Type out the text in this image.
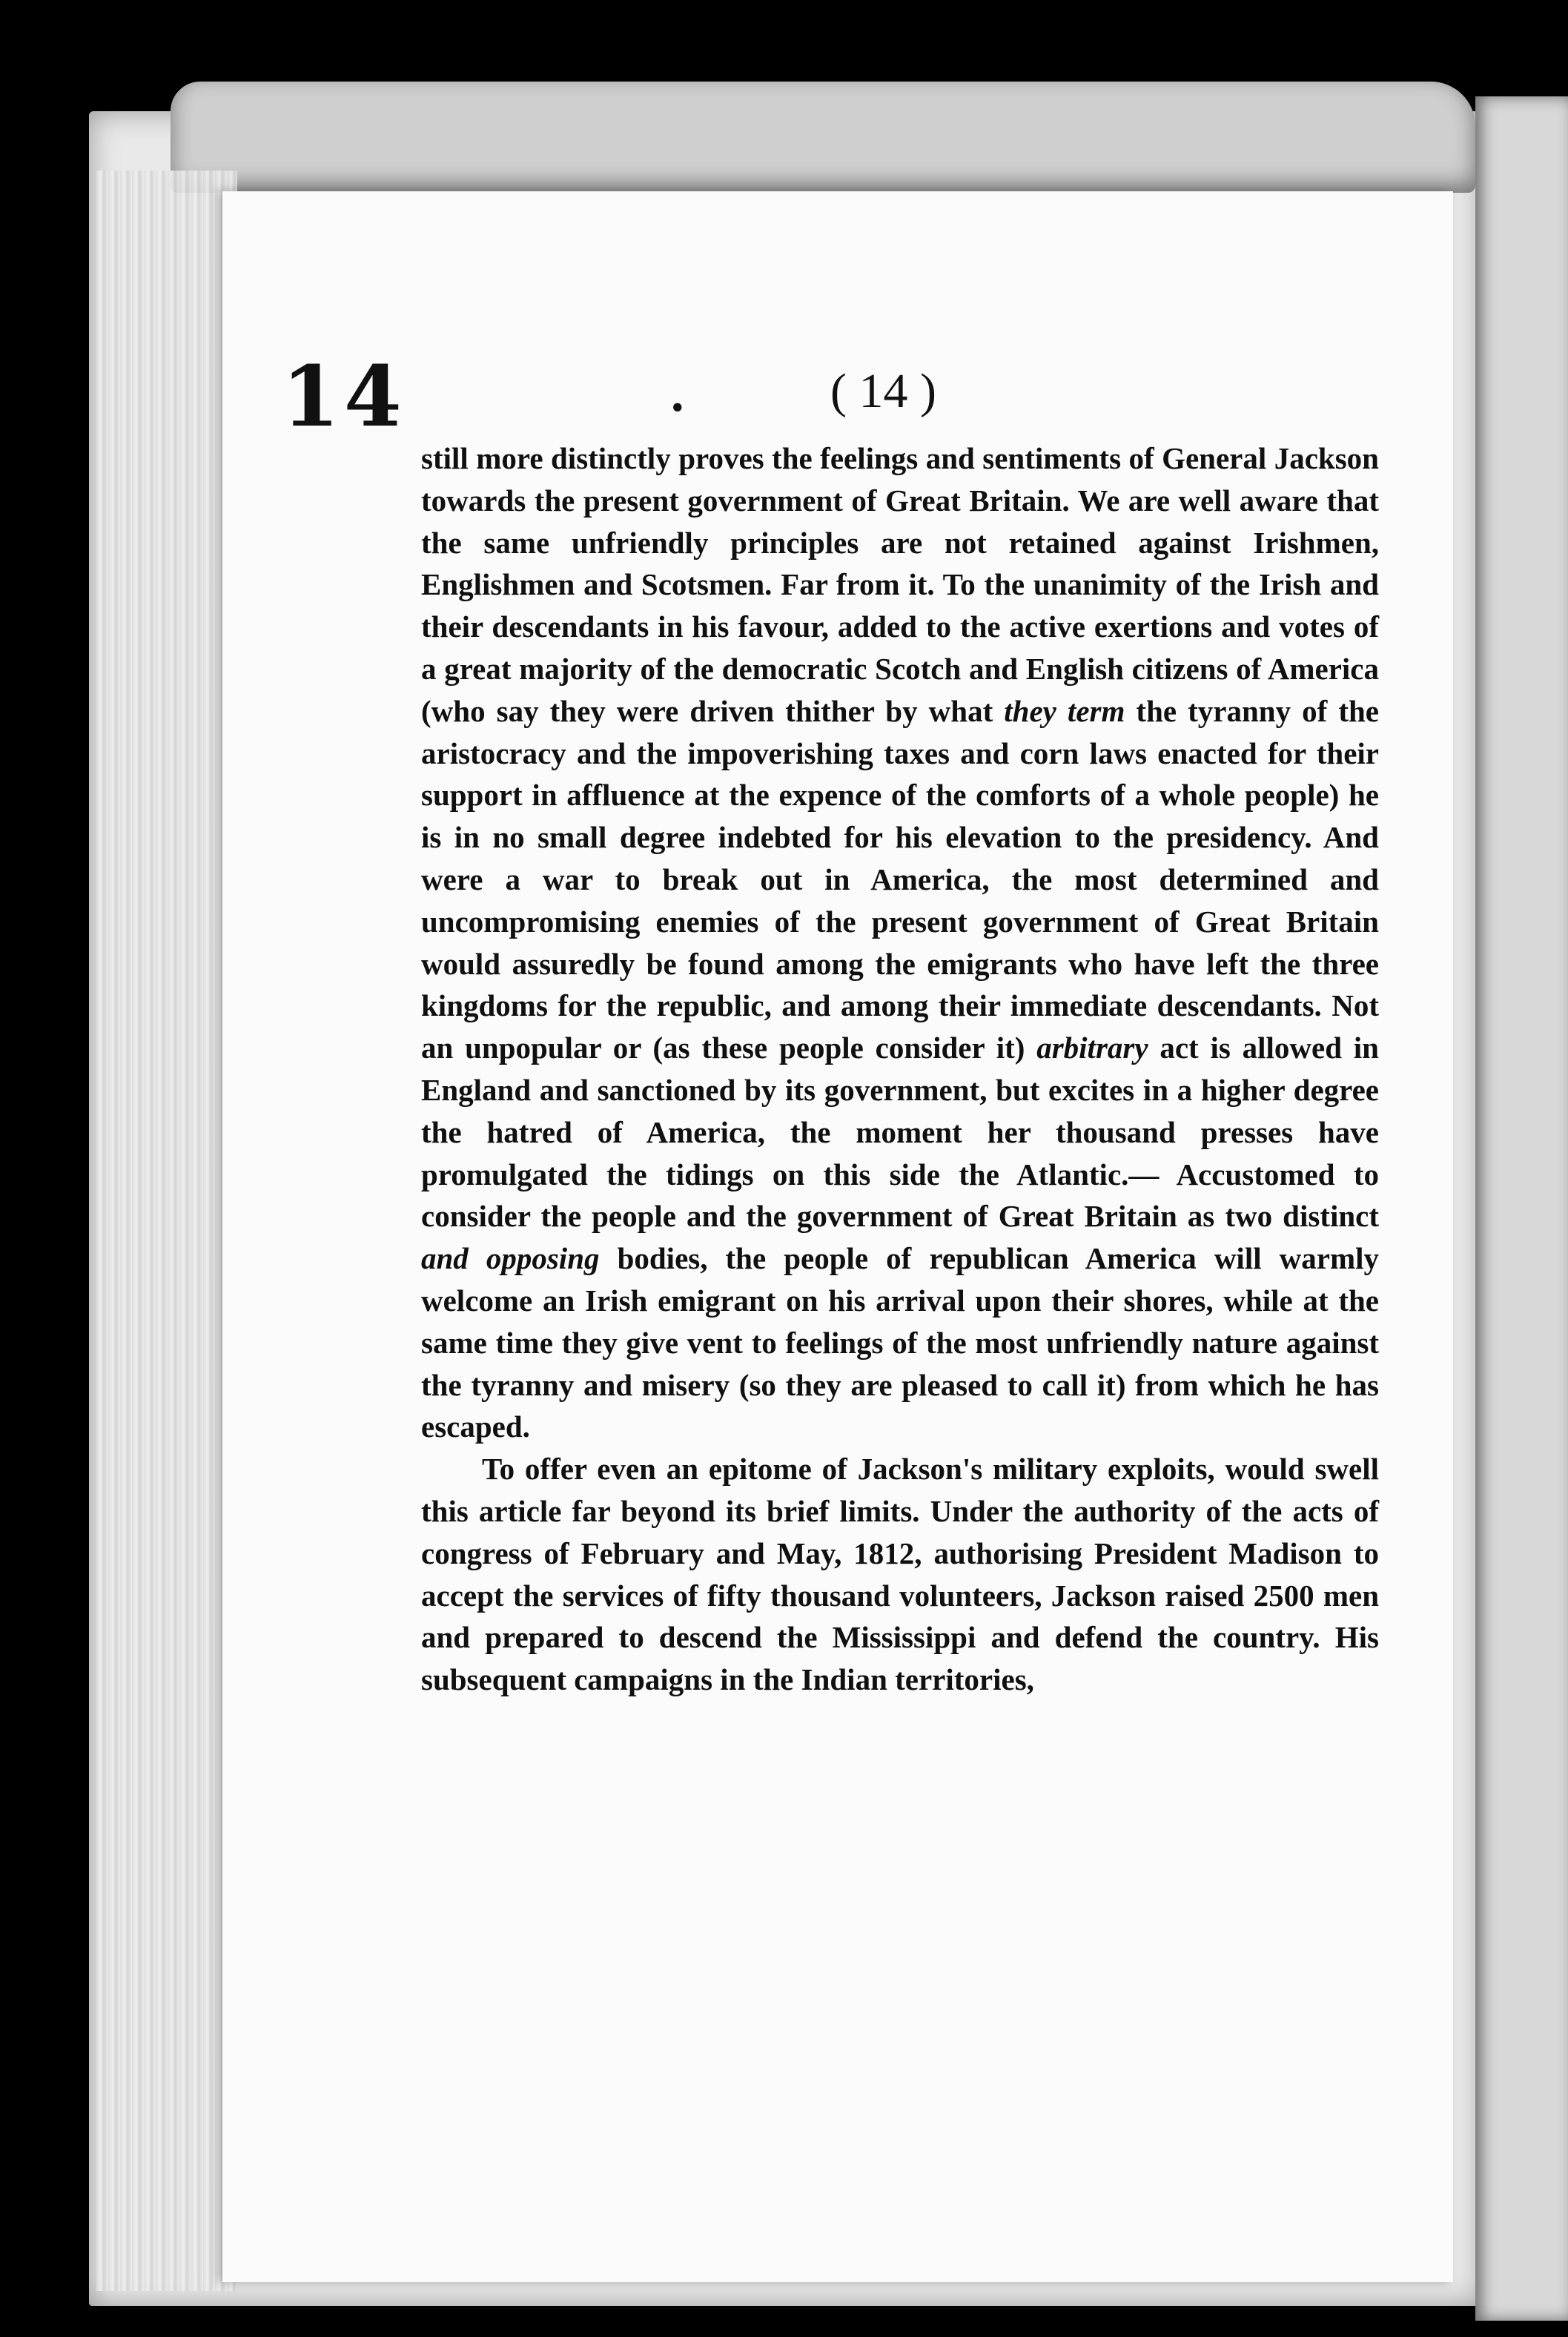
14	.	( 14 )

still more distinctly proves the feelings and sentiments of General Jackson towards the present government of Great Britain. We are well aware that the same unfriendly principles are not retained against Irishmen, Englishmen and Scotsmen. Far from it. To the unanimity of the Irish and their descendants in his favour, added to the active exertions and votes of a great majority of the democratic Scotch and English citizens of America (who say they were driven thither by what they term the tyranny of the aristocracy and the impoverishing taxes and corn laws enacted for their support in affluence at the expence of the comforts of a whole people) he is in no small degree indebted for his elevation to the presidency. And were a war to break out in America, the most determined and uncompromising enemies of the present government of Great Britain would assuredly be found among the emigrants who have left the three kingdoms for the republic, and among their immediate descendants. Not an unpopular or (as these people consider it) arbitrary act is allowed in England and sanctioned by its government, but excites in a higher degree the hatred of America, the moment her thousand presses have promulgated the tidings on this side the Atlantic.— Accustomed to consider the people and the government of Great Britain as two distinct and opposing bodies, the people of republican America will warmly welcome an Irish emigrant on his arrival upon their shores, while at the same time they give vent to feelings of the most unfriendly nature against the tyranny and misery (so they are pleased to call it) from which he has escaped.

To offer even an epitome of Jackson's military exploits, would swell this article far beyond its brief limits. Under the authority of the acts of congress of February and May, 1812, authorising President Madison to accept the services of fifty thousand volunteers, Jackson raised 2500 men and prepared to descend the Mississippi and defend the country. His subsequent campaigns in the Indian territories,
